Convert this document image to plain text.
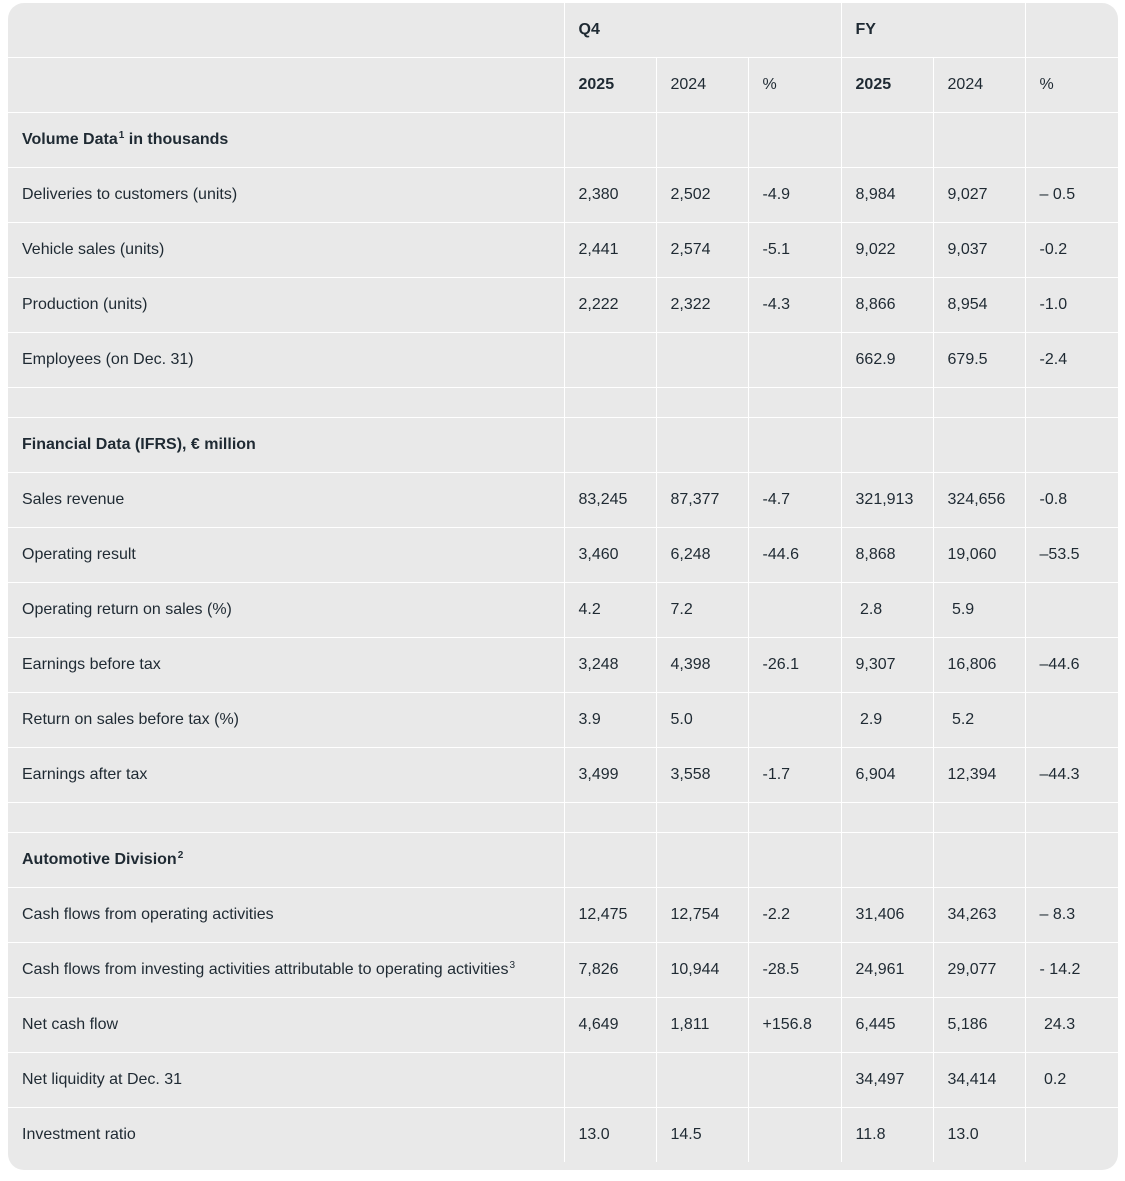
	Q4			FY		
	2025	2024	%	2025	2024	%
Volume Data$^1$ in thousands						
Deliveries to customers (units)	2,380	2,502	-4.9	8,984	9,027	– 0.5
Vehicle sales (units)	2,441	2,574	-5.1	9,022	9,037	-0.2
Production (units)	2,222	2,322	-4.3	8,866	8,954	-1.0
Employees (on Dec. 31)				662.9	679.5	-2.4

Financial Data (IFRS), € million						
Sales revenue	83,245	87,377	-4.7	321,913	324,656	-0.8
Operating result	3,460	6,248	-44.6	8,868	19,060	–53.5
Operating return on sales (%)	4.2	7.2		2.8	5.9	
Earnings before tax	3,248	4,398	-26.1	9,307	16,806	–44.6
Return on sales before tax (%)	3.9	5.0		2.9	5.2	
Earnings after tax	3,499	3,558	-1.7	6,904	12,394	–44.3

Automotive Division$^2$						
Cash flows from operating activities	12,475	12,754	-2.2	31,406	34,263	– 8.3
Cash flows from investing activities attributable to operating activities$^3$	7,826	10,944	-28.5	24,961	29,077	- 14.2
Net cash flow	4,649	1,811	+156.8	6,445	5,186	24.3
Net liquidity at Dec. 31				34,497	34,414	0.2
Investment ratio	13.0	14.5		11.8	13.0	
